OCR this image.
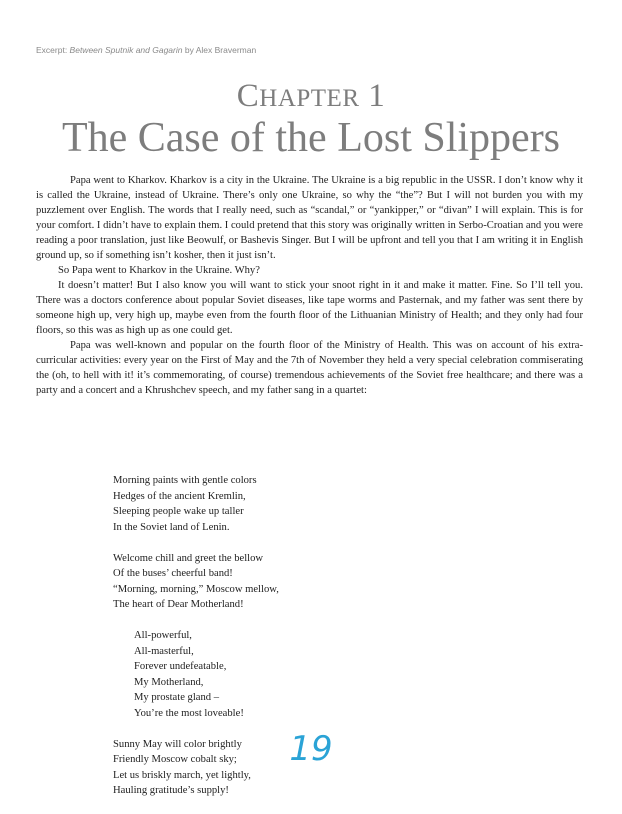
Excerpt: Between Sputnik and Gagarin by Alex Braverman
CHAPTER 1
The Case of the Lost Slippers

Papa went to Kharkov. Kharkov is a city in the Ukraine. The Ukraine is a big republic in the USSR. I don’t know why it is called the Ukraine, instead of Ukraine. There’s only one Ukraine, so why the “the”? But I will not burden you with my puzzlement over English. The words that I really need, such as “scandal,” or “yankipper,” or “divan” I will explain. This is for your comfort. I didn’t have to explain them. I could pretend that this story was originally written in Serbo-Croatian and you were reading a poor translation, just like Beowulf, or Bashevis Singer. But I will be upfront and tell you that I am writing it in English ground up, so if something isn’t kosher, then it just isn’t.

So Papa went to Kharkov in the Ukraine. Why?

It doesn’t matter! But I also know you will want to stick your snoot right in it and make it matter. Fine. So I’ll tell you. There was a doctors conference about popular Soviet diseases, like tape worms and Pasternak, and my father was sent there by someone high up, very high up, maybe even from the fourth floor of the Lithuanian Ministry of Health; and they only had four floors, so this was as high up as one could get.

Papa was well-known and popular on the fourth floor of the Ministry of Health. This was on account of his extra-curricular activities: every year on the First of May and the 7th of November they held a very special celebration commiserating the (oh, to hell with it! it’s commemorating, of course) tremendous achievements of the Soviet free healthcare; and there was a party and a concert and a Khrushchev speech, and my father sang in a quartet:

Morning paints with gentle colors
Hedges of the ancient Kremlin,
Sleeping people wake up taller
In the Soviet land of Lenin.
Welcome chill and greet the bellow
Of the buses’ cheerful band!
“Morning, morning,” Moscow mellow,
The heart of Dear Motherland!
All-powerful,
All-masterful,
Forever undefeatable,
My Motherland,
My prostate gland –
You’re the most loveable!
Sunny May will color brightly
Friendly Moscow cobalt sky;
Let us briskly march, yet lightly,
Hauling gratitude’s supply!
19
